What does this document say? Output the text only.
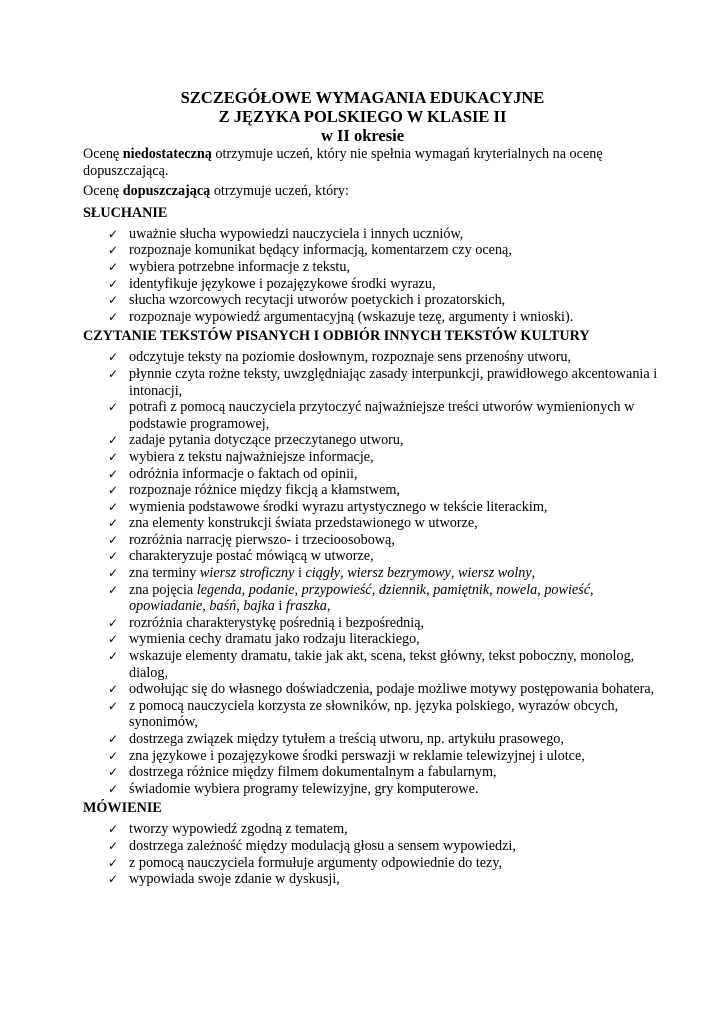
SZCZEGÓŁOWE WYMAGANIA EDUKACYJNE
Z JĘZYKA POLSKIEGO W KLASIE II
w II okresie

Ocenę niedostateczną otrzymuje uczeń, który nie spełnia wymagań kryterialnych na ocenę dopuszczającą.

Ocenę dopuszczającą otrzymuje uczeń, który:

SŁUCHANIE
✓ uważnie słucha wypowiedzi nauczyciela i innych uczniów,
✓ rozpoznaje komunikat będący informacją, komentarzem czy oceną,
✓ wybiera potrzebne informacje z tekstu,
✓ identyfikuje językowe i pozajęzykowe środki wyrazu,
✓ słucha wzorcowych recytacji utworów poetyckich i prozatorskich,
✓ rozpoznaje wypowiedź argumentacyjną (wskazuje tezę, argumenty i wnioski).
CZYTANIE TEKSTÓW PISANYCH I ODBIÓR INNYCH TEKSTÓW KULTURY
✓ odczytuje teksty na poziomie dosłownym, rozpoznaje sens przenośny utworu,
✓ płynnie czyta rożne teksty, uwzględniając zasady interpunkcji, prawidłowego akcentowania i intonacji,
✓ potrafi z pomocą nauczyciela przytoczyć najważniejsze treści utworów wymienionych w podstawie programowej,
✓ zadaje pytania dotyczące przeczytanego utworu,
✓ wybiera z tekstu najważniejsze informacje,
✓ odróżnia informacje o faktach od opinii,
✓ rozpoznaje różnice między fikcją a kłamstwem,
✓ wymienia podstawowe środki wyrazu artystycznego w tekście literackim,
✓ zna elementy konstrukcji świata przedstawionego w utworze,
✓ rozróżnia narrację pierwszo- i trzecioosobową,
✓ charakteryzuje postać mówiącą w utworze,
✓ zna terminy wiersz stroficzny i ciągły, wiersz bezrymowy, wiersz wolny,
✓ zna pojęcia legenda, podanie, przypowieść, dziennik, pamiętnik, nowela, powieść, opowiadanie, baśń, bajka i fraszka,
✓ rozróżnia charakterystykę pośrednią i bezpośrednią,
✓ wymienia cechy dramatu jako rodzaju literackiego,
✓ wskazuje elementy dramatu, takie jak akt, scena, tekst główny, tekst poboczny, monolog, dialog,
✓ odwołując się do własnego doświadczenia, podaje możliwe motywy postępowania bohatera,
✓ z pomocą nauczyciela korzysta ze słowników, np. języka polskiego, wyrazów obcych, synonimów,
✓ dostrzega związek między tytułem a treścią utworu, np. artykułu prasowego,
✓ zna językowe i pozajęzykowe środki perswazji w reklamie telewizyjnej i ulotce,
✓ dostrzega różnice między filmem dokumentalnym a fabularnym,
✓ świadomie wybiera programy telewizyjne, gry komputerowe.
MÓWIENIE
✓ tworzy wypowiedź zgodną z tematem,
✓ dostrzega zależność między modulacją głosu a sensem wypowiedzi,
✓ z pomocą nauczyciela formułuje argumenty odpowiednie do tezy,
✓ wypowiada swoje zdanie w dyskusji,
